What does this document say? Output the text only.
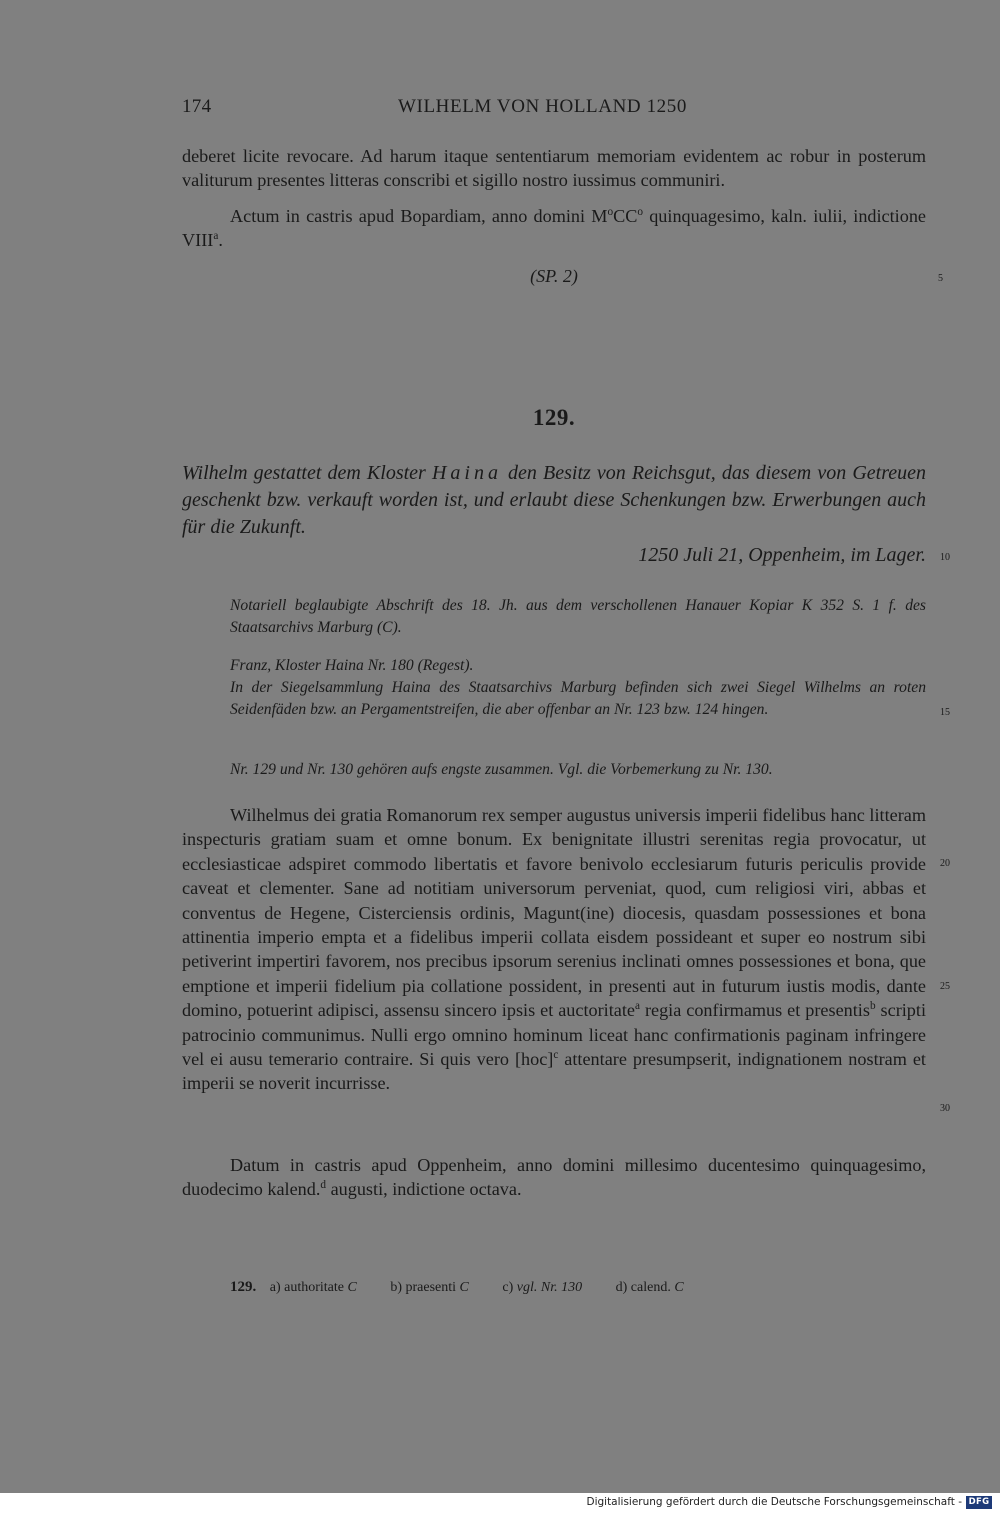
174	WILHELM VON HOLLAND 1250
deberet licite revocare. Ad harum itaque sententiarum memoriam evidentem ac robur in posterum valiturum presentes litteras conscribi et sigillo nostro iussimus communiri.
Actum in castris apud Bopardiam, anno domini $M^oCC^o$ quinquagesimo, kaln. iulii, indictione VIII$^a$.
(SP. 2)	5
129.
Wilhelm gestattet dem Kloster Haina den Besitz von Reichsgut, das diesem von Getreuen geschenkt bzw. verkauft worden ist, und erlaubt diese Schenkungen bzw. Erwerbungen auch für die Zukunft.
1250 Juli 21, Oppenheim, im Lager. 10
Notariell beglaubigte Abschrift des 18. Jh. aus dem verschollenen Hanauer Kopiar K 352 S. 1 f. des Staatsarchivs Marburg (C).
Franz, Kloster Haina Nr. 180 (Regest).
In der Siegelsammlung Haina des Staatsarchivs Marburg befinden sich zwei Siegel Wilhelms an roten Seidenfäden bzw. an Pergamentstreifen, die aber offenbar an Nr. 123 bzw. 124 hingen.	15
Nr. 129 und Nr. 130 gehören aufs engste zusammen. Vgl. die Vorbemerkung zu Nr. 130.
Wilhelmus dei gratia Romanorum rex semper augustus universis imperii fidelibus hanc litteram inspecturis gratiam suam et omne bonum. Ex benignitate illustri serenitas regia provocatur, ut ecclesiasticae adspiret commodo libertatis et favore benivolo ecclesiarum futuris periculis provide caveat et clementer. Sane ad notitiam universorum perveniat, quod, cum religiosi viri, abbas et conventus de Hegene, Cisterciensis ordinis, Magunt(ine) diocesis, quasdam possessiones et bona attinentia imperio empta et a fidelibus imperii collata eisdem possideant et super eo nostrum sibi petiverint impertiri favorem, nos precibus ipsorum serenius inclinati omnes possessiones et bona, que emptione et imperii fidelium pia collatione possident, in presenti aut in futurum iustis modis, dante domino, potuerint adipisci, assensu sincero ipsis et auctoritate$^a$ regia confirmamus et presentis$^b$ scripti patrocinio communimus. Nulli ergo omnino hominum liceat hanc confirmationis paginam infringere vel ei ausu temerario contraire. Si quis vero [hoc]$^c$ attentare presumpserit, indignationem nostram et imperii se noverit incurrisse.
20
25
30
Datum in castris apud Oppenheim, anno domini millesimo ducentesimo quinquagesimo, duodecimo kalend.$^d$ augusti, indictione octava.
129. a) authoritate C b) praesenti C c) vgl. Nr. 130 d) calend. C
Digitalisierung gefördert durch die Deutsche Forschungsgemeinschaft - DFG
